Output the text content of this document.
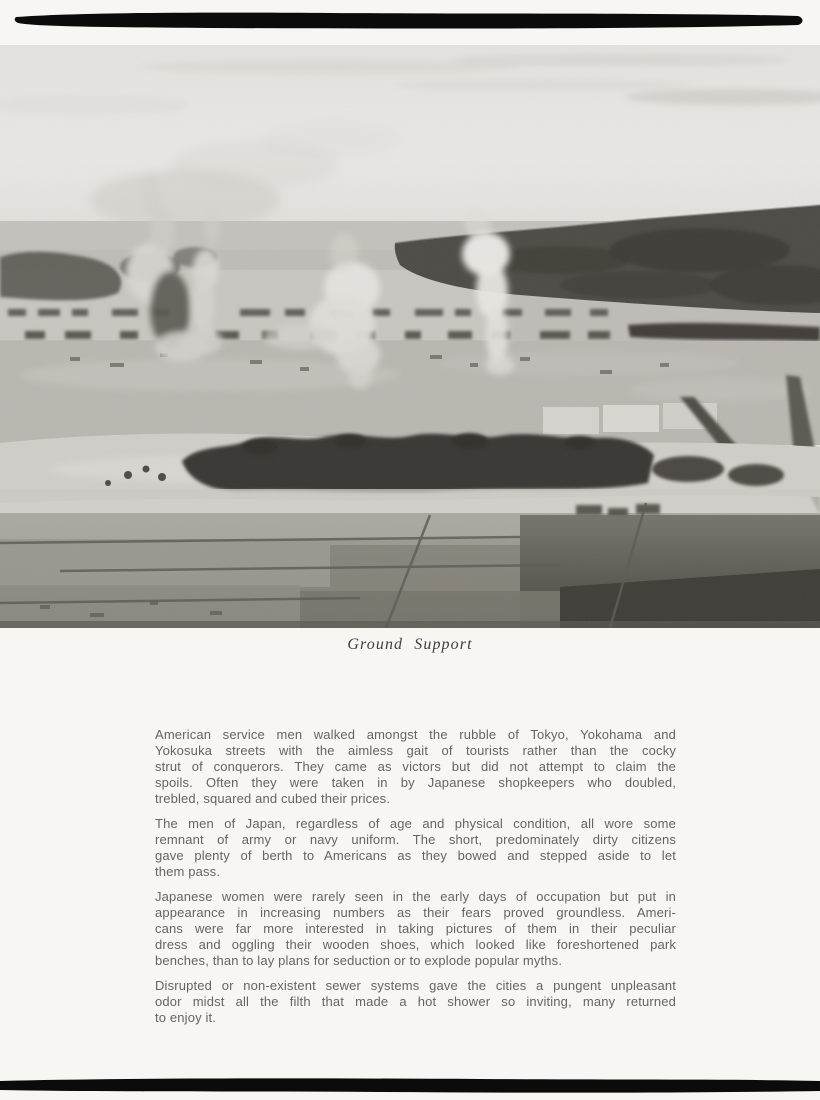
Ground Support
American service men walked amongst the rubble of Tokyo, Yokohama and
Yokosuka streets with the aimless gait of tourists rather than the cocky
strut of conquerors. They came as victors but did not attempt to claim the
spoils. Often they were taken in by Japanese shopkeepers who doubled,
trebled, squared and cubed their prices.
The men of Japan, regardless of age and physical condition, all wore some
remnant of army or navy uniform. The short, predominately dirty citizens
gave plenty of berth to Americans as they bowed and stepped aside to let
them pass.
Japanese women were rarely seen in the early days of occupation but put in
appearance in increasing numbers as their fears proved groundless. Ameri-
cans were far more interested in taking pictures of them in their peculiar
dress and oggling their wooden shoes, which looked like foreshortened park
benches, than to lay plans for seduction or to explode popular myths.
Disrupted or non-existent sewer systems gave the cities a pungent unpleasant
odor midst all the filth that made a hot shower so inviting, many returned
to enjoy it.
